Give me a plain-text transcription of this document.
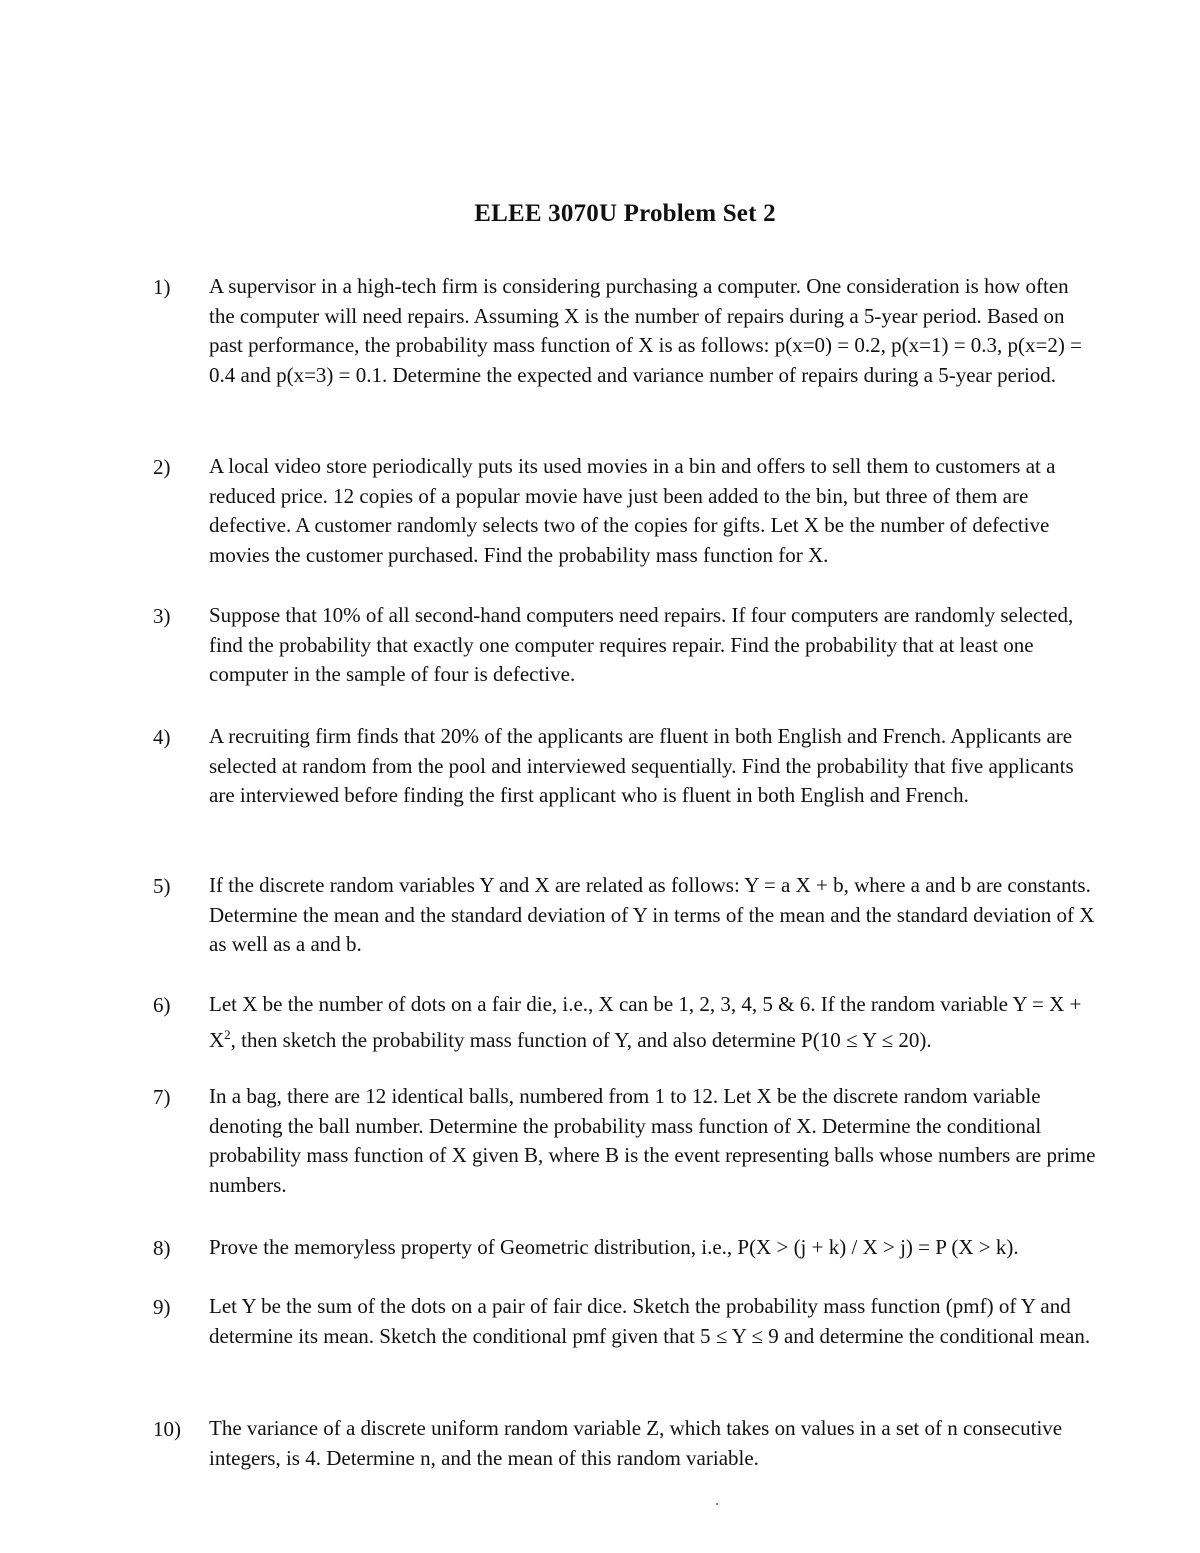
ELEE 3070U Problem Set 2
1) A supervisor in a high-tech firm is considering purchasing a computer. One consideration is how often the computer will need repairs. Assuming X is the number of repairs during a 5-year period. Based on past performance, the probability mass function of X is as follows: p(x=0) = 0.2, p(x=1) = 0.3, p(x=2) = 0.4 and p(x=3) = 0.1. Determine the expected and variance number of repairs during a 5-year period.
2) A local video store periodically puts its used movies in a bin and offers to sell them to customers at a reduced price. 12 copies of a popular movie have just been added to the bin, but three of them are defective. A customer randomly selects two of the copies for gifts. Let X be the number of defective movies the customer purchased. Find the probability mass function for X.
3) Suppose that 10% of all second-hand computers need repairs. If four computers are randomly selected, find the probability that exactly one computer requires repair. Find the probability that at least one computer in the sample of four is defective.
4) A recruiting firm finds that 20% of the applicants are fluent in both English and French. Applicants are selected at random from the pool and interviewed sequentially. Find the probability that five applicants are interviewed before finding the first applicant who is fluent in both English and French.
5) If the discrete random variables Y and X are related as follows: Y = a X + b, where a and b are constants. Determine the mean and the standard deviation of Y in terms of the mean and the standard deviation of X as well as a and b.
6) Let X be the number of dots on a fair die, i.e., X can be 1, 2, 3, 4, 5 & 6. If the random variable $Y = X + X^2$, then sketch the probability mass function of Y, and also determine P(10 ≤ Y ≤ 20).
7) In a bag, there are 12 identical balls, numbered from 1 to 12. Let X be the discrete random variable denoting the ball number. Determine the probability mass function of X. Determine the conditional probability mass function of X given B, where B is the event representing balls whose numbers are prime numbers.
8) Prove the memoryless property of Geometric distribution, i.e., P(X > (j + k) / X > j) = P (X > k).
9) Let Y be the sum of the dots on a pair of fair dice. Sketch the probability mass function (pmf) of Y and determine its mean. Sketch the conditional pmf given that 5 ≤ Y ≤ 9 and determine the conditional mean.
10) The variance of a discrete uniform random variable Z, which takes on values in a set of n consecutive integers, is 4. Determine n, and the mean of this random variable.
